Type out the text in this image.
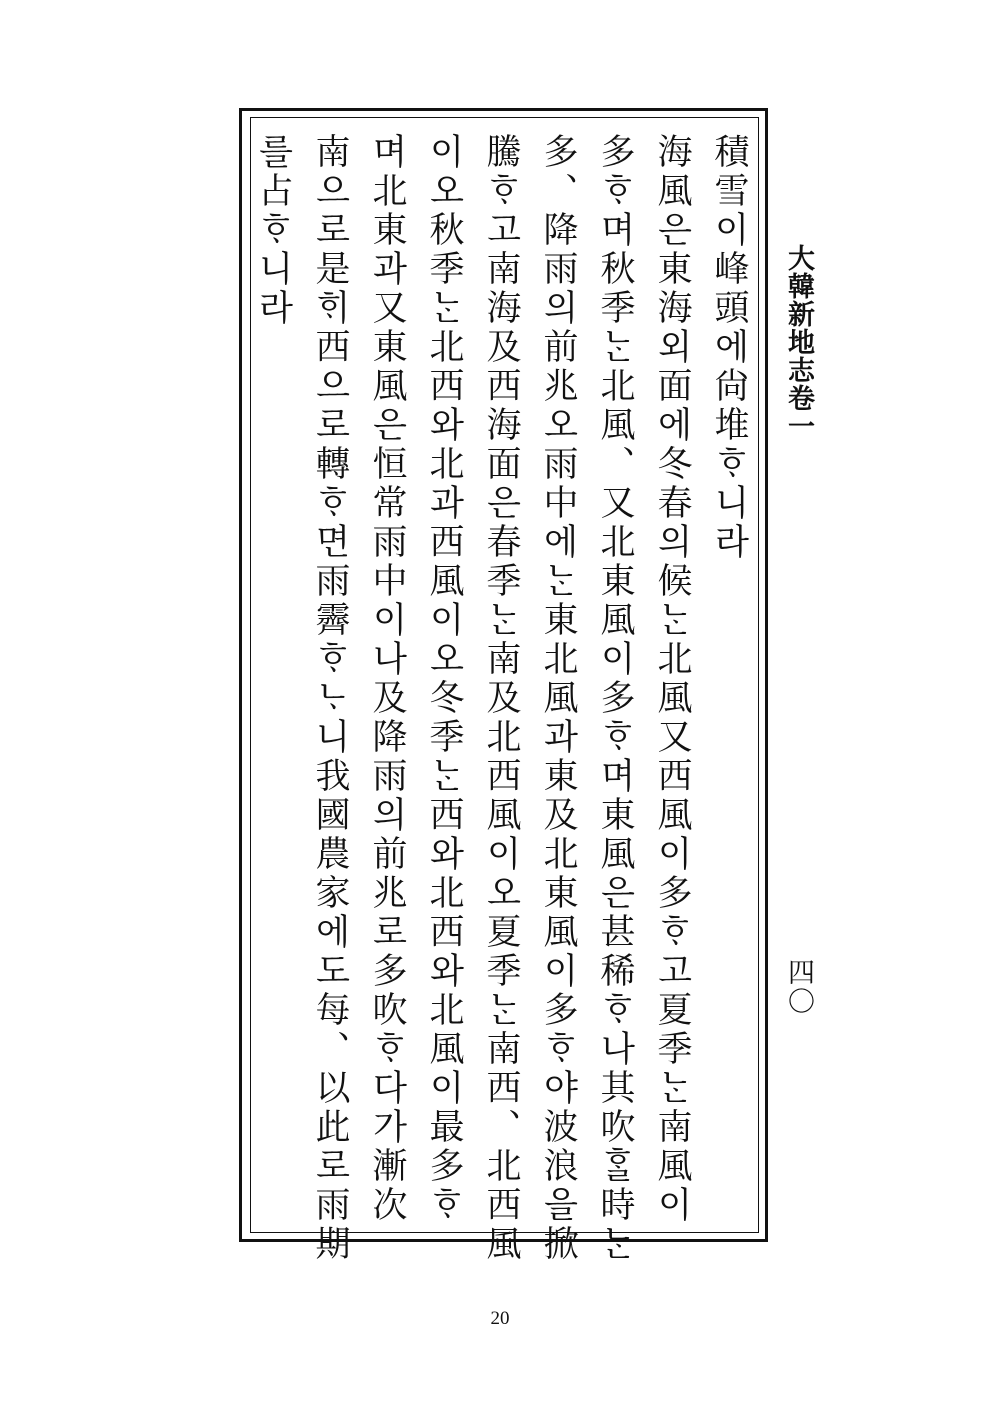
大韓新地志卷一
四〇
積雪이峰頭에尙堆ᄒᆞ니라
海風은東海외面에冬春의候ᄂᆞᆫ北風又西風이多ᄒᆞ고夏季ᄂᆞᆫ南風이
多ᄒᆞ며秋季ᄂᆞᆫ北風、又北東風이多ᄒᆞ며東風은甚稀ᄒᆞ나其吹ᄒᆞᆯ時ᄂᆞᆫ
多、降雨의前兆오雨中에ᄂᆞᆫ東北風과東及北東風이多ᄒᆞ야波浪을掀
騰ᄒᆞ고南海及西海面은春季ᄂᆞᆫ南及北西風이오夏季ᄂᆞᆫ南西、北西風
이오秋季ᄂᆞᆫ北西와北과西風이오冬季ᄂᆞᆫ西와北西와北風이最多ᄒᆞ
며北東과又東風은恒常雨中이나及降雨의前兆로多吹ᄒᆞ다가漸次
南으로是ᄒᆡ西으로轉ᄒᆞ면雨霽ᄒᆞᄂᆞ니我國農家에도每、以此로雨期
를占ᄒᆞ니라
20
